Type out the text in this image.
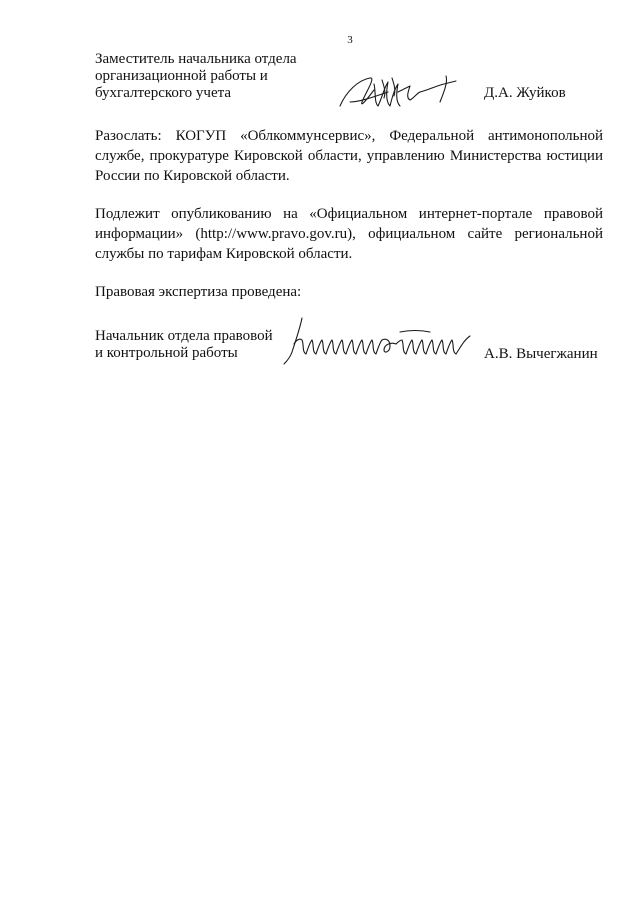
3
Заместитель начальника отдела
организационной работы и
бухгалтерского учета	Д.А. Жуйков
Разослать: КОГУП «Облкоммунсервис», Федеральной антимонопольной службе, прокуратуре Кировской области, управлению Министерства юстиции России по Кировской области.
Подлежит опубликованию на «Официальном интернет-портале правовой информации» (http://www.pravo.gov.ru), официальном сайте региональной службы по тарифам Кировской области.
Правовая экспертиза проведена:
Начальник отдела правовой
и контрольной работы	А.В. Вычегжанин
